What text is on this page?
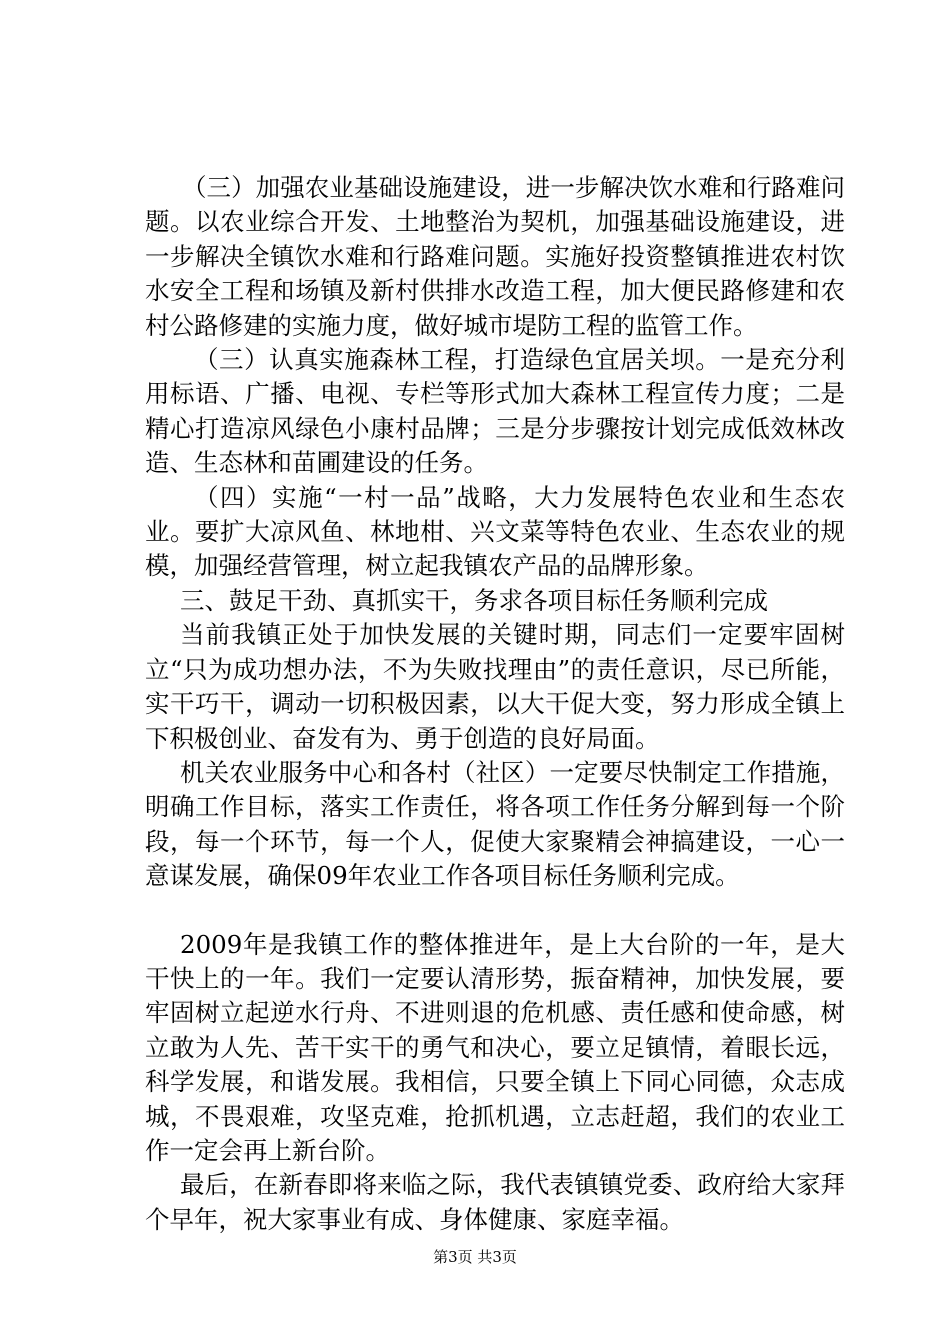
（三）加强农业基础设施建设，进一步解决饮水难和行路难问题。以农业综合开发、土地整治为契机，加强基础设施建设，进一步解决全镇饮水难和行路难问题。实施好投资整镇推进农村饮水安全工程和场镇及新村供排水改造工程，加大便民路修建和农村公路修建的实施力度，做好城市堤防工程的监管工作。

（三）认真实施森林工程，打造绿色宜居关坝。一是充分利用标语、广播、电视、专栏等形式加大森林工程宣传力度；二是精心打造凉风绿色小康村品牌；三是分步骤按计划完成低效林改造、生态林和苗圃建设的任务。

（四）实施“一村一品”战略，大力发展特色农业和生态农业。要扩大凉风鱼、林地柑、兴文菜等特色农业、生态农业的规模，加强经营管理，树立起我镇农产品的品牌形象。

三、鼓足干劲、真抓实干，务求各项目标任务顺利完成

当前我镇正处于加快发展的关键时期，同志们一定要牢固树立“只为成功想办法，不为失败找理由”的责任意识，尽已所能，实干巧干，调动一切积极因素，以大干促大变，努力形成全镇上下积极创业、奋发有为、勇于创造的良好局面。

机关农业服务中心和各村（社区）一定要尽快制定工作措施，明确工作目标，落实工作责任，将各项工作任务分解到每一个阶段，每一个环节，每一个人，促使大家聚精会神搞建设，一心一意谋发展，确保09年农业工作各项目标任务顺利完成。

2009年是我镇工作的整体推进年，是上大台阶的一年，是大干快上的一年。我们一定要认清形势，振奋精神，加快发展，要牢固树立起逆水行舟、不进则退的危机感、责任感和使命感，树立敢为人先、苦干实干的勇气和决心，要立足镇情，着眼长远，科学发展，和谐发展。我相信，只要全镇上下同心同德，众志成城，不畏艰难，攻坚克难，抢抓机遇，立志赶超，我们的农业工作一定会再上新台阶。

最后，在新春即将来临之际，我代表镇镇党委、政府给大家拜个早年，祝大家事业有成、身体健康、家庭幸福。

第3页 共3页
